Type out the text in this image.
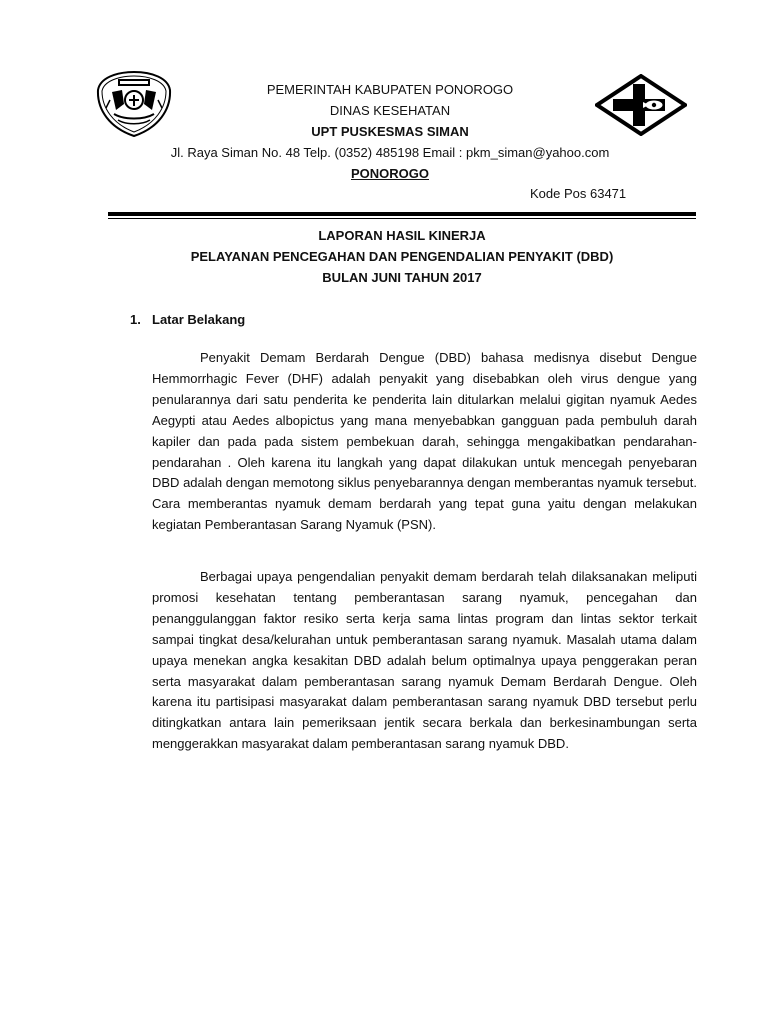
PEMERINTAH KABUPATEN PONOROGO
DINAS KESEHATAN
UPT PUSKESMAS SIMAN
Jl. Raya Siman No. 48 Telp. (0352) 485198 Email : pkm_siman@yahoo.com
PONOROGO
Kode Pos 63471
LAPORAN HASIL KINERJA
PELAYANAN PENCEGAHAN DAN PENGENDALIAN PENYAKIT (DBD)
BULAN JUNI TAHUN 2017
1. Latar Belakang

Penyakit Demam Berdarah Dengue (DBD) bahasa medisnya disebut Dengue Hemmorrhagic Fever (DHF) adalah penyakit yang disebabkan oleh virus dengue yang penularannya dari satu penderita ke penderita lain ditularkan melalui gigitan nyamuk Aedes Aegypti atau Aedes albopictus yang mana menyebabkan gangguan pada pembuluh darah kapiler dan pada pada sistem pembekuan darah, sehingga mengakibatkan pendarahan-pendarahan . Oleh karena itu langkah yang dapat dilakukan untuk mencegah penyebaran DBD adalah dengan memotong siklus penyebarannya dengan memberantas nyamuk tersebut. Cara memberantas nyamuk demam berdarah yang tepat guna yaitu dengan melakukan kegiatan Pemberantasan Sarang Nyamuk (PSN).

Berbagai upaya pengendalian penyakit demam berdarah telah dilaksanakan meliputi promosi kesehatan tentang pemberantasan sarang nyamuk, pencegahan dan penanggulanggan faktor resiko serta kerja sama lintas program dan lintas sektor terkait sampai tingkat desa/kelurahan untuk pemberantasan sarang nyamuk. Masalah utama dalam upaya menekan angka kesakitan DBD adalah belum optimalnya upaya penggerakan peran serta masyarakat dalam pemberantasan sarang nyamuk Demam Berdarah Dengue. Oleh karena itu partisipasi masyarakat dalam pemberantasan sarang nyamuk DBD tersebut perlu ditingkatkan antara lain pemeriksaan jentik secara berkala dan berkesinambungan serta menggerakkan masyarakat dalam pemberantasan sarang nyamuk DBD.
